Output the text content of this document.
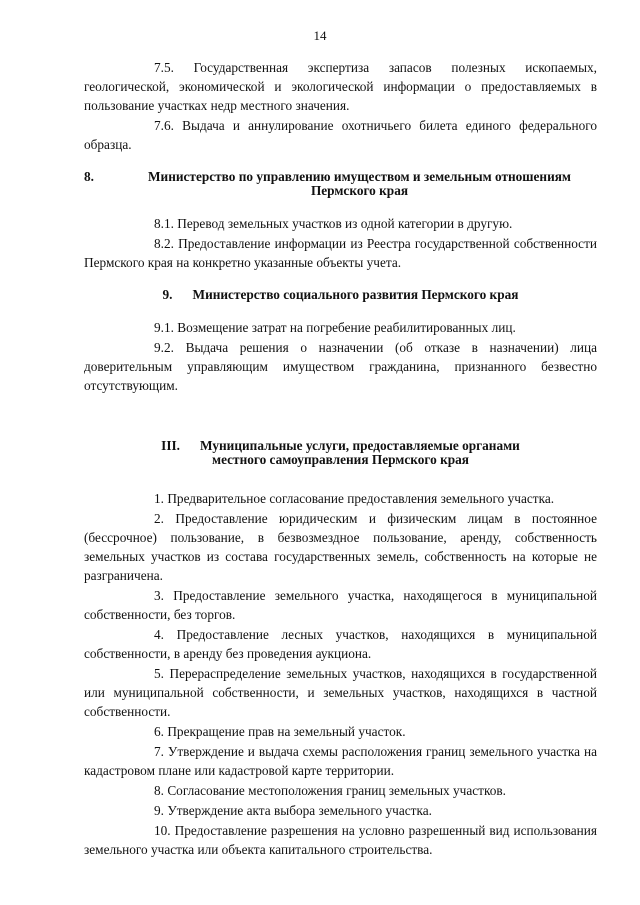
14

7.5. Государственная экспертиза запасов полезных ископаемых, геологической, экономической и экологической информации о предоставляемых в пользование участках недр местного значения.

7.6. Выдача и аннулирование охотничьего билета единого федерального образца.

8.	Министерство по управлению имуществом и земельным отношениям Пермского края

8.1. Перевод земельных участков из одной категории в другую.

8.2. Предоставление информации из Реестра государственной собственности Пермского края на конкретно указанные объекты учета.

9. Министерство социального развития Пермского края

9.1. Возмещение затрат на погребение реабилитированных лиц.

9.2. Выдача решения о назначении (об отказе в назначении) лица доверительным управляющим имуществом гражданина, признанного безвестно отсутствующим.

III. Муниципальные услуги, предоставляемые органами
местного самоуправления Пермского края

1. Предварительное согласование предоставления земельного участка.

2. Предоставление юридическим и физическим лицам в постоянное (бессрочное) пользование, в безвозмездное пользование, аренду, собственность земельных участков из состава государственных земель, собственность на которые не разграничена.

3. Предоставление земельного участка, находящегося в муниципальной собственности, без торгов.

4. Предоставление лесных участков, находящихся в муниципальной собственности, в аренду без проведения аукциона.

5. Перераспределение земельных участков, находящихся в государственной или муниципальной собственности, и земельных участков, находящихся в частной собственности.

6. Прекращение прав на земельный участок.

7. Утверждение и выдача схемы расположения границ земельного участка на кадастровом плане или кадастровой карте территории.

8. Согласование местоположения границ земельных участков.

9. Утверждение акта выбора земельного участка.

10. Предоставление разрешения на условно разрешенный вид использования земельного участка или объекта капитального строительства.
